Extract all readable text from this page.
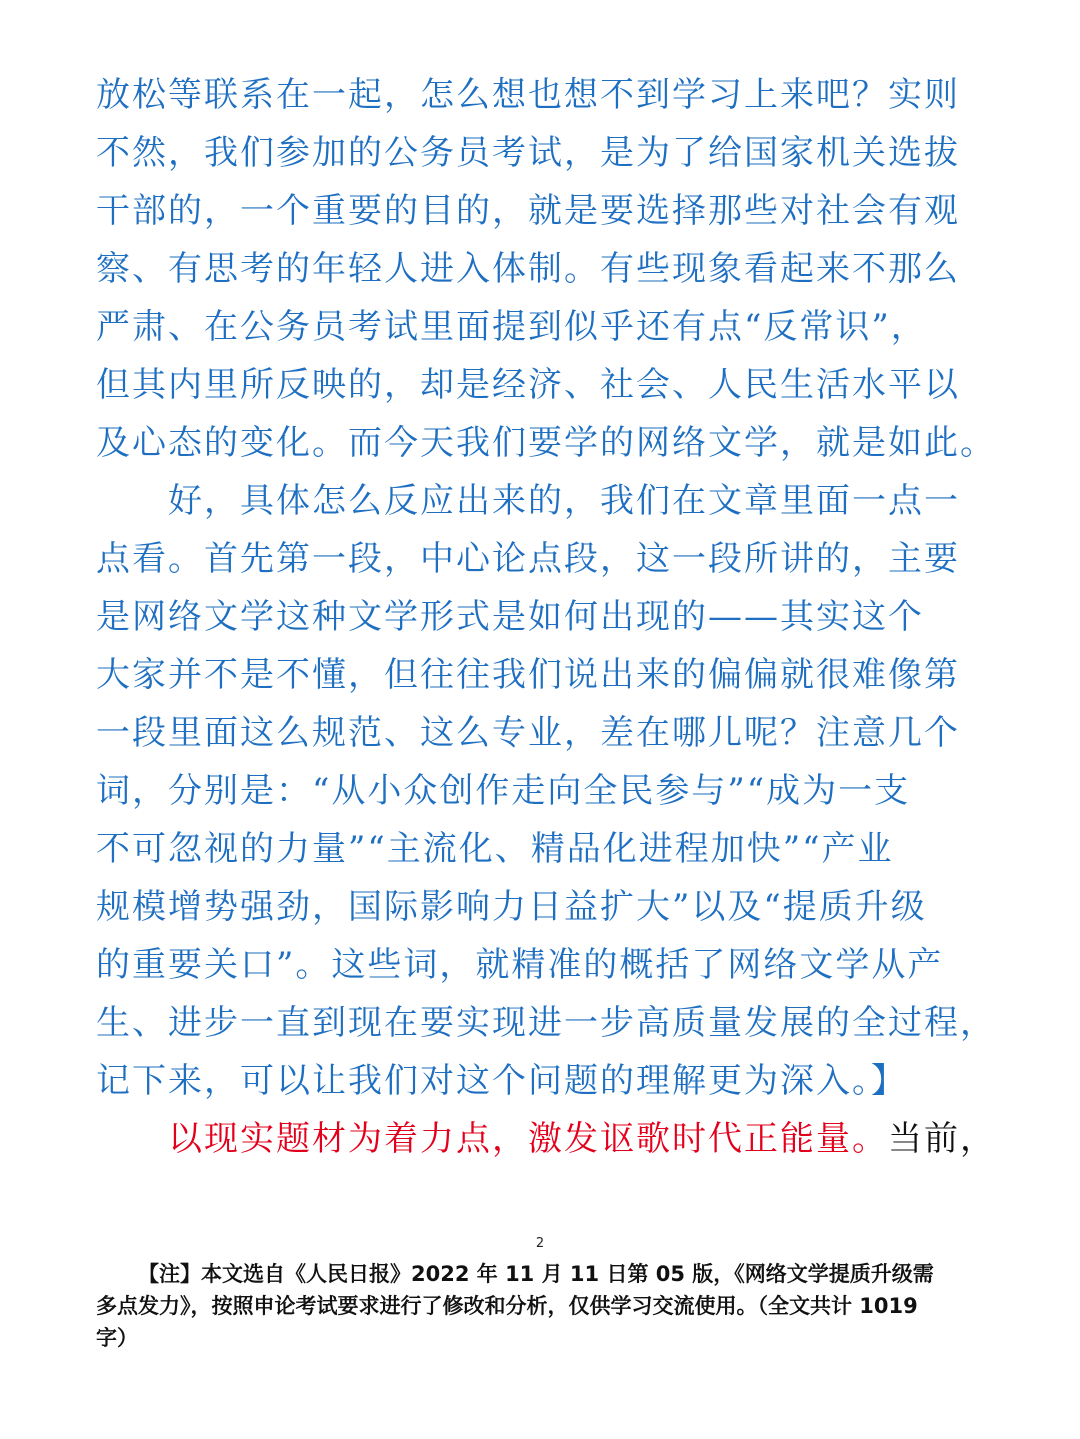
放松等联系在一起，怎么想也想不到学习上来吧？实则
不然，我们参加的公务员考试，是为了给国家机关选拔
干部的，一个重要的目的，就是要选择那些对社会有观
察、有思考的年轻人进入体制。有些现象看起来不那么
严肃、在公务员考试里面提到似乎还有点“反常识”，
但其内里所反映的，却是经济、社会、人民生活水平以
及心态的变化。而今天我们要学的网络文学，就是如此。
好，具体怎么反应出来的，我们在文章里面一点一
点看。首先第一段，中心论点段，这一段所讲的，主要
是网络文学这种文学形式是如何出现的——其实这个
大家并不是不懂，但往往我们说出来的偏偏就很难像第
一段里面这么规范、这么专业，差在哪儿呢？注意几个
词，分别是：“从小众创作走向全民参与”“成为一支
不可忽视的力量”“主流化、精品化进程加快”“产业
规模增势强劲，国际影响力日益扩大”以及“提质升级
的重要关口”。这些词，就精准的概括了网络文学从产
生、进步一直到现在要实现进一步高质量发展的全过程，
记下来，可以让我们对这个问题的理解更为深入。】
以现实题材为着力点，激发讴歌时代正能量。当前，
2
【注】本文选自《人民日报》2022 年 11 月 11 日第 05 版，《网络文学提质升级需
多点发力》，按照申论考试要求进行了修改和分析，仅供学习交流使用。（全文共计 1019
字）
